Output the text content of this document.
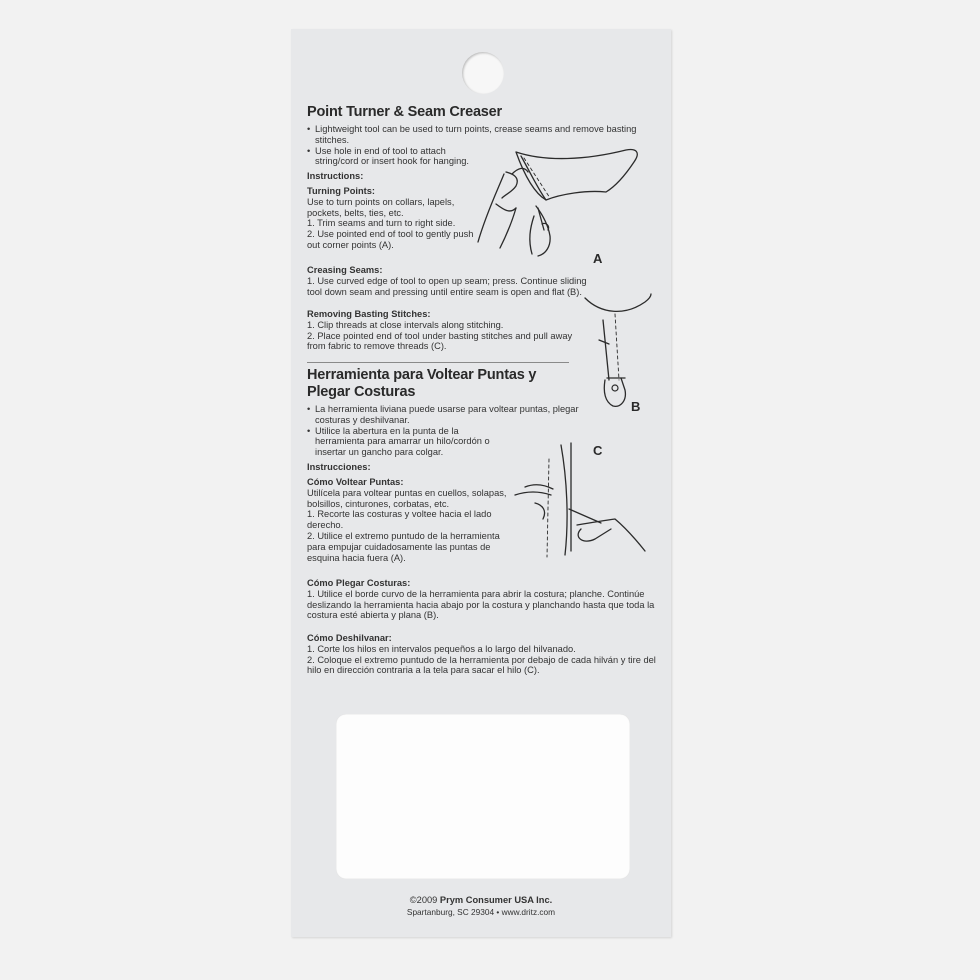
Point Turner & Seam Creaser
• Lightweight tool can be used to turn points, crease seams and remove basting stitches.
• Use hole in end of tool to attach string/cord or insert hook for hanging.
Instructions:
Turning Points:
Use to turn points on collars, lapels,
pockets, belts, ties, etc.
1. Trim seams and turn to right side.
2. Use pointed end of tool to gently push
out corner points (A).
Creasing Seams:
1. Use curved edge of tool to open up seam; press. Continue sliding
tool down seam and pressing until entire seam is open and flat (B).
Removing Basting Stitches:
1. Clip threads at close intervals along stitching.
2. Place pointed end of tool under basting stitches and pull away
from fabric to remove threads (C).
Herramienta para Voltear Puntas y Plegar Costuras
• La herramienta liviana puede usarse para voltear puntas, plegar costuras y deshilvanar.
• Utilice la abertura en la punta de la herramienta para amarrar un hilo/cordón o insertar un gancho para colgar.
Instrucciones:
Cómo Voltear Puntas:
Utilícela para voltear puntas en cuellos, solapas,
bolsillos, cinturones, corbatas, etc.
1. Recorte las costuras y voltee hacia el lado
derecho.
2. Utilice el extremo puntudo de la herramienta
para empujar cuidadosamente las puntas de
esquina hacia fuera (A).
Cómo Plegar Costuras:
1. Utilice el borde curvo de la herramienta para abrir la costura; planche. Continúe
deslizando la herramienta hacia abajo por la costura y planchando hasta que toda la
costura esté abierta y plana (B).
Cómo Deshilvanar:
1. Corte los hilos en intervalos pequeños a lo largo del hilvanado.
2. Coloque el extremo puntudo de la herramienta por debajo de cada hilván y tire del
hilo en dirección contraria a la tela para sacar el hilo (C).
A
B
C
©2009 Prym Consumer USA Inc.
Spartanburg, SC 29304 • www.dritz.com
